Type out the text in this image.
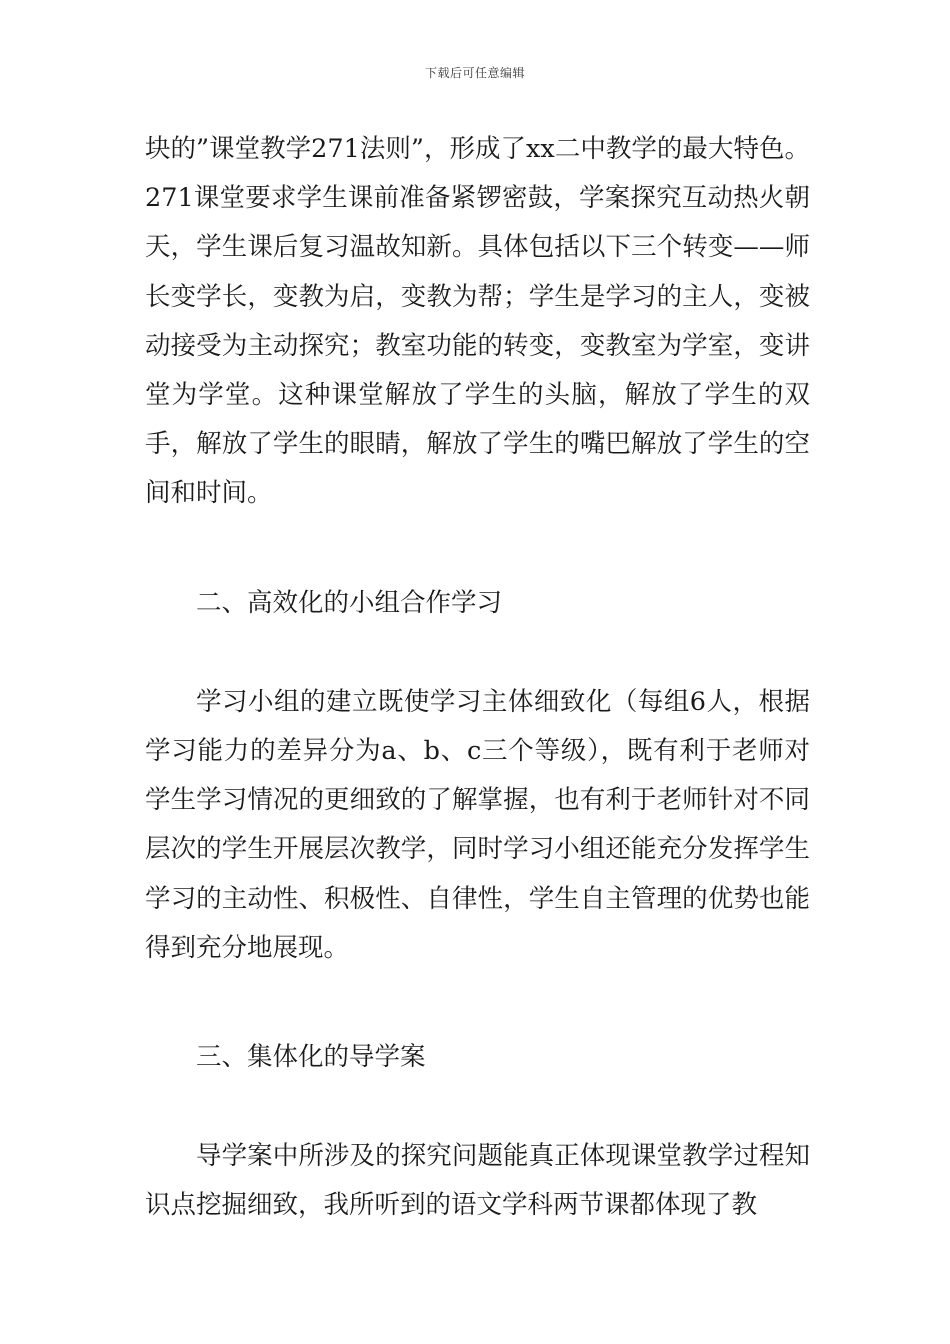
下载后可任意编辑

块的”课堂教学271法则”，形成了xx二中教学的最大特色。 271课堂要求学生课前准备紧锣密鼓，学案探究互动热火朝天，学生课后复习温故知新。具体包括以下三个转变——师长变学长，变教为启，变教为帮；学生是学习的主人，变被动接受为主动探究；教室功能的转变，变教室为学室，变讲堂为学堂。这种课堂解放了学生的头脑，解放了学生的双手，解放了学生的眼睛，解放了学生的嘴巴解放了学生的空间和时间。

二、高效化的小组合作学习

学习小组的建立既使学习主体细致化（每组6人，根据学习能力的差异分为a、b、c三个等级），既有利于老师对学生学习情况的更细致的了解掌握，也有利于老师针对不同层次的学生开展层次教学，同时学习小组还能充分发挥学生学习的主动性、积极性、自律性，学生自主管理的优势也能得到充分地展现。

三、集体化的导学案

导学案中所涉及的探究问题能真正体现课堂教学过程知识点挖掘细致，我所听到的语文学科两节课都体现了教
